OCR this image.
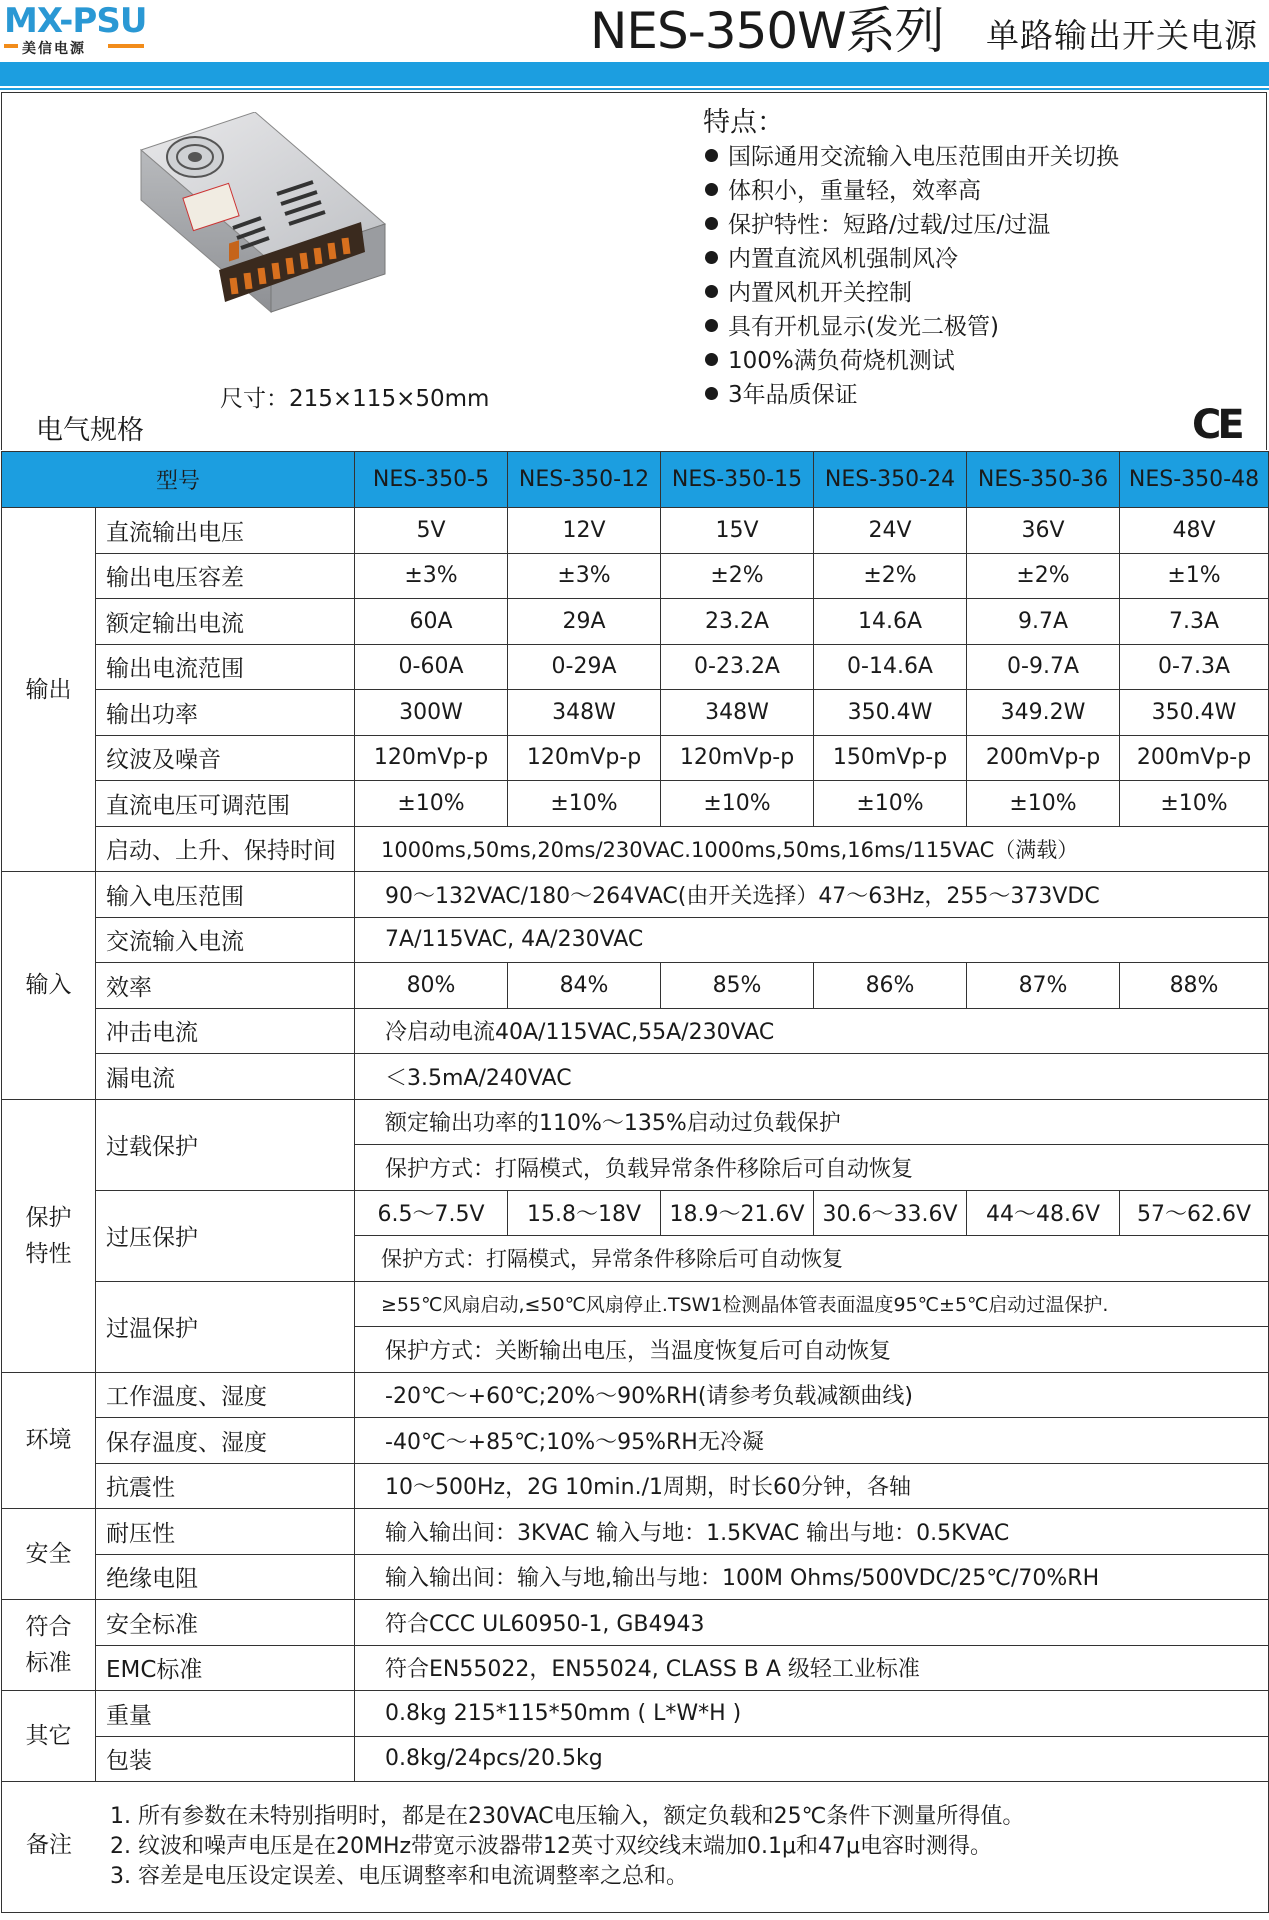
MX-PSU
美信电源	NES-350W系列 单路输出开关电源
尺寸：215×115×50mm
特点：
国际通用交流输入电压范围由开关切换
体积小，重量轻，效率高
保护特性：短路/过载/过压/过温
内置直流风机强制风冷
内置风机开关控制
具有开机显示(发光二极管)
100%满负荷烧机测试
3年品质保证
电气规格	CE
型号		NES-350-5	NES-350-12	NES-350-15	NES-350-24	NES-350-36	NES-350-48
输出	直流输出电压	5V	12V	15V	24V	36V	48V
	输出电压容差	±3%	±3%	±2%	±2%	±2%	±1%
	额定输出电流	60A	29A	23.2A	14.6A	9.7A	7.3A
	输出电流范围	0-60A	0-29A	0-23.2A	0-14.6A	0-9.7A	0-7.3A
	输出功率	300W	348W	348W	350.4W	349.2W	350.4W
	纹波及噪音	120mVp-p	120mVp-p	120mVp-p	150mVp-p	200mVp-p	200mVp-p
	直流电压可调范围	±10%	±10%	±10%	±10%	±10%	±10%
	启动、上升、保持时间	1000ms,50ms,20ms/230VAC.1000ms,50ms,16ms/115VAC（满载）					
输入	输入电压范围	90～132VAC/180～264VAC(由开关选择）47～63Hz，255～373VDC					
	交流输入电流	7A/115VAC, 4A/230VAC					
	效率	80%	84%	85%	86%	87%	88%
	冲击电流	冷启动电流40A/115VAC,55A/230VAC					
	漏电流	＜3.5mA/240VAC					
保护特性	过载保护	额定输出功率的110%～135%启动过负载保护					
		保护方式：打隔模式，负载异常条件移除后可自动恢复					
	过压保护	6.5～7.5V	15.8～18V	18.9～21.6V	30.6～33.6V	44～48.6V	57～62.6V
		保护方式：打隔模式，异常条件移除后可自动恢复					
	过温保护	≥55℃风扇启动,≤50℃风扇停止.TSW1检测晶体管表面温度95℃±5℃启动过温保护.					
		保护方式：关断输出电压，当温度恢复后可自动恢复					
环境	工作温度、湿度	-20℃～+60℃;20%～90%RH(请参考负载减额曲线)					
	保存温度、湿度	-40℃～+85℃;10%～95%RH无冷凝					
	抗震性	10～500Hz，2G 10min./1周期，时长60分钟，各轴					
安全	耐压性	输入输出间：3KVAC 输入与地：1.5KVAC 输出与地：0.5KVAC					
	绝缘电阻	输入输出间：输入与地,输出与地：100M Ohms/500VDC/25℃/70%RH					
符合标准	安全标准	符合CCC UL60950-1, GB4943					
	EMC标准	符合EN55022，EN55024, CLASS B A 级轻工业标准					
其它	重量	0.8kg 215*115*50mm ( L*W*H )					
	包装	0.8kg/24pcs/20.5kg					

备注
1. 所有参数在未特别指明时，都是在230VAC电压输入，额定负载和25℃条件下测量所得值。
2. 纹波和噪声电压是在20MHz带宽示波器带12英寸双绞线末端加0.1μ和47μ电容时测得。
3. 容差是电压设定误差、电压调整率和电流调整率之总和。							
